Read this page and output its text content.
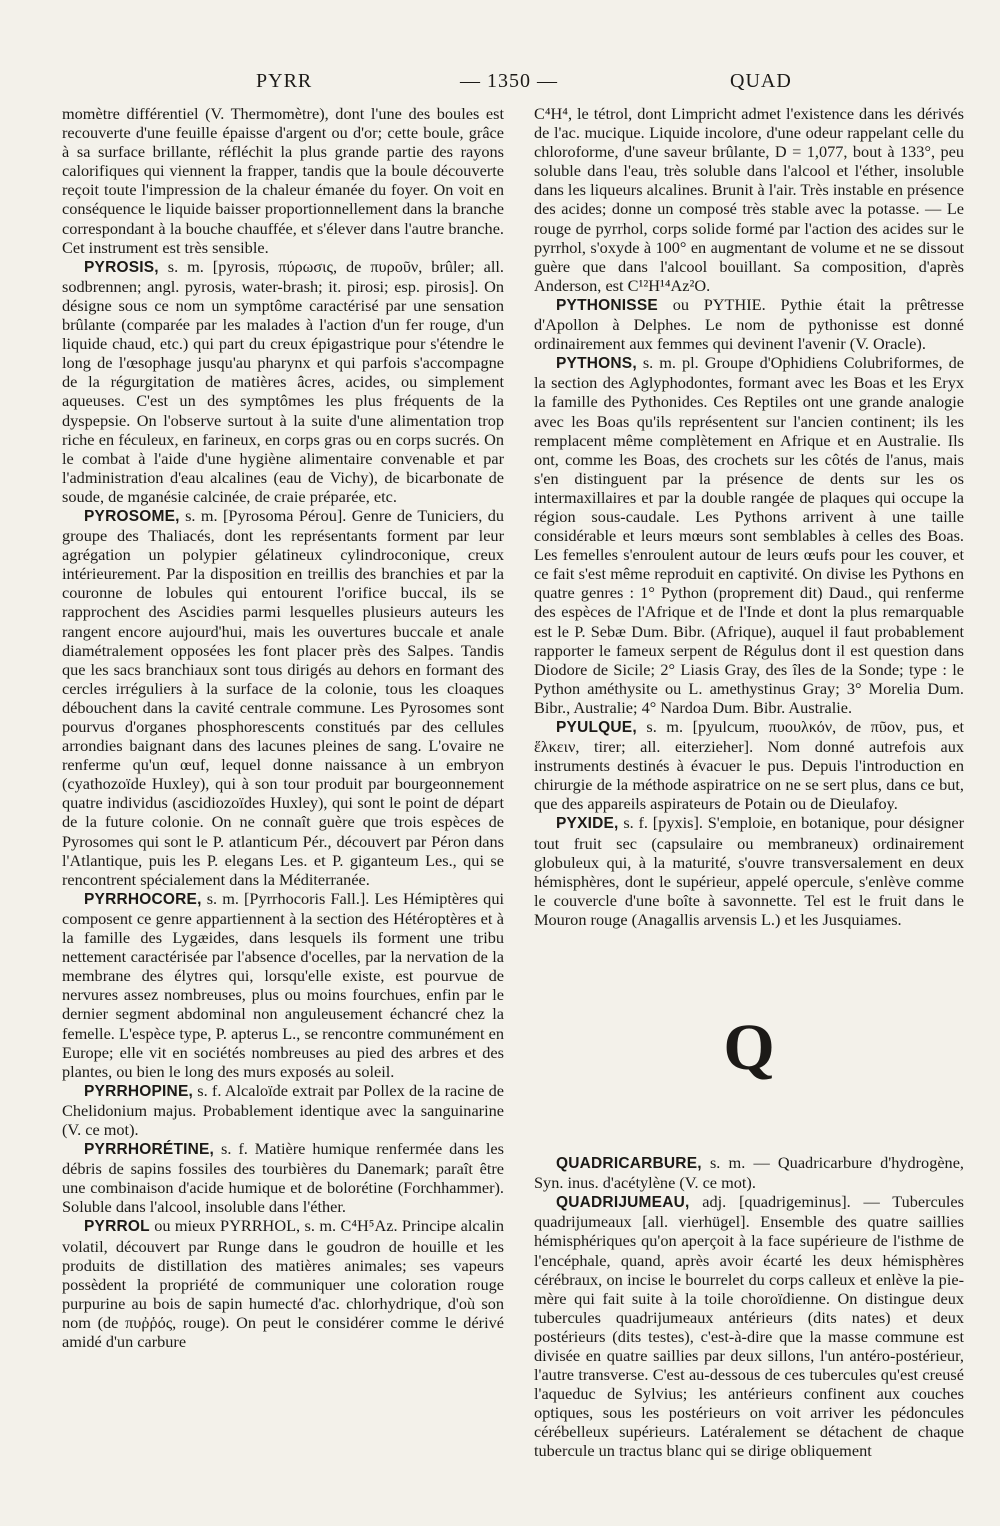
PYRR	— 1350 —	QUAD

momètre différentiel (V. Thermomètre), dont l'une des boules est recouverte d'une feuille épaisse d'argent ou d'or; cette boule, grâce à sa surface brillante, réfléchit la plus grande partie des rayons calorifiques qui viennent la frapper, tandis que la boule découverte reçoit toute l'impression de la chaleur émanée du foyer. On voit en conséquence le liquide baisser proportionnellement dans la branche correspondant à la bouche chauffée, et s'élever dans l'autre branche. Cet instrument est très sensible.

PYROSIS, s. m. [pyrosis, πύρωσις, de πυροῦν, brûler; all. sodbrennen; angl. pyrosis, water-brash; it. pirosi; esp. pirosis]. On désigne sous ce nom un symptôme caractérisé par une sensation brûlante (comparée par les malades à l'action d'un fer rouge, d'un liquide chaud, etc.) qui part du creux épigastrique pour s'étendre le long de l'œsophage jusqu'au pharynx et qui parfois s'accompagne de la régurgitation de matières âcres, acides, ou simplement aqueuses. C'est un des symptômes les plus fréquents de la dyspepsie. On l'observe surtout à la suite d'une alimentation trop riche en féculeux, en farineux, en corps gras ou en corps sucrés. On le combat à l'aide d'une hygiène alimentaire convenable et par l'administration d'eau alcalines (eau de Vichy), de bicarbonate de soude, de mganésie calcinée, de craie préparée, etc.

PYROSOME, s. m. [Pyrosoma Pérou]. Genre de Tuniciers, du groupe des Thaliacés, dont les représentants forment par leur agrégation un polypier gélatineux cylindroconique, creux intérieurement. Par la disposition en treillis des branchies et par la couronne de lobules qui entourent l'orifice buccal, ils se rapprochent des Ascidies parmi lesquelles plusieurs auteurs les rangent encore aujourd'hui, mais les ouvertures buccale et anale diamétralement opposées les font placer près des Salpes. Tandis que les sacs branchiaux sont tous dirigés au dehors en formant des cercles irréguliers à la surface de la colonie, tous les cloaques débouchent dans la cavité centrale commune. Les Pyrosomes sont pourvus d'organes phosphorescents constitués par des cellules arrondies baignant dans des lacunes pleines de sang. L'ovaire ne renferme qu'un œuf, lequel donne naissance à un embryon (cyathozoïde Huxley), qui à son tour produit par bourgeonnement quatre individus (ascidiozoïdes Huxley), qui sont le point de départ de la future colonie. On ne connaît guère que trois espèces de Pyrosomes qui sont le P. atlanticum Pér., découvert par Péron dans l'Atlantique, puis les P. elegans Les. et P. giganteum Les., qui se rencontrent spécialement dans la Méditerranée.

PYRRHOCORE, s. m. [Pyrrhocoris Fall.]. Les Hémiptères qui composent ce genre appartiennent à la section des Hétéroptères et à la famille des Lygæides, dans lesquels ils forment une tribu nettement caractérisée par l'absence d'ocelles, par la nervation de la membrane des élytres qui, lorsqu'elle existe, est pourvue de nervures assez nombreuses, plus ou moins fourchues, enfin par le dernier segment abdominal non anguleusement échancré chez la femelle. L'espèce type, P. apterus L., se rencontre communément en Europe; elle vit en sociétés nombreuses au pied des arbres et des plantes, ou bien le long des murs exposés au soleil.

PYRRHOPINE, s. f. Alcaloïde extrait par Pollex de la racine de Chelidonium majus. Probablement identique avec la sanguinarine (V. ce mot).

PYRRHORÉTINE, s. f. Matière humique renfermée dans les débris de sapins fossiles des tourbières du Danemark; paraît être une combinaison d'acide humique et de bolorétine (Forchhammer). Soluble dans l'alcool, insoluble dans l'éther.

PYRROL ou mieux PYRRHOL, s. m. C⁴H⁵Az. Principe alcalin volatil, découvert par Runge dans le goudron de houille et les produits de distillation des matières animales; ses vapeurs possèdent la propriété de communiquer une coloration rouge purpurine au bois de sapin humecté d'ac. chlorhydrique, d'où son nom (de πυῤῥός, rouge). On peut le considérer comme le dérivé amidé d'un carbure

C⁴H⁴, le tétrol, dont Limpricht admet l'existence dans les dérivés de l'ac. mucique. Liquide incolore, d'une odeur rappelant celle du chloroforme, d'une saveur brûlante, D = 1,077, bout à 133°, peu soluble dans l'eau, très soluble dans l'alcool et l'éther, insoluble dans les liqueurs alcalines. Brunit à l'air. Très instable en présence des acides; donne un composé très stable avec la potasse. — Le rouge de pyrrhol, corps solide formé par l'action des acides sur le pyrrhol, s'oxyde à 100° en augmentant de volume et ne se dissout guère que dans l'alcool bouillant. Sa composition, d'après Anderson, est C¹²H¹⁴Az²O.

PYTHONISSE ou PYTHIE. Pythie était la prêtresse d'Apollon à Delphes. Le nom de pythonisse est donné ordinairement aux femmes qui devinent l'avenir (V. Oracle).

PYTHONS, s. m. pl. Groupe d'Ophidiens Colubriformes, de la section des Aglyphodontes, formant avec les Boas et les Eryx la famille des Pythonides. Ces Reptiles ont une grande analogie avec les Boas qu'ils représentent sur l'ancien continent; ils les remplacent même complètement en Afrique et en Australie. Ils ont, comme les Boas, des crochets sur les côtés de l'anus, mais s'en distinguent par la présence de dents sur les os intermaxillaires et par la double rangée de plaques qui occupe la région sous-caudale. Les Pythons arrivent à une taille considérable et leurs mœurs sont semblables à celles des Boas. Les femelles s'enroulent autour de leurs œufs pour les couver, et ce fait s'est même reproduit en captivité. On divise les Pythons en quatre genres : 1° Python (proprement dit) Daud., qui renferme des espèces de l'Afrique et de l'Inde et dont la plus remarquable est le P. Sebæ Dum. Bibr. (Afrique), auquel il faut probablement rapporter le fameux serpent de Régulus dont il est question dans Diodore de Sicile; 2° Liasis Gray, des îles de la Sonde; type : le Python améthysite ou L. amethystinus Gray; 3° Morelia Dum. Bibr., Australie; 4° Nardoa Dum. Bibr. Australie.

PYULQUE, s. m. [pyulcum, πυουλκόν, de πῦον, pus, et ἕλκειν, tirer; all. eiterzieher]. Nom donné autrefois aux instruments destinés à évacuer le pus. Depuis l'introduction en chirurgie de la méthode aspiratrice on ne se sert plus, dans ce but, que des appareils aspirateurs de Potain ou de Dieulafoy.

PYXIDE, s. f. [pyxis]. S'emploie, en botanique, pour désigner tout fruit sec (capsulaire ou membraneux) ordinairement globuleux qui, à la maturité, s'ouvre transversalement en deux hémisphères, dont le supérieur, appelé opercule, s'enlève comme le couvercle d'une boîte à savonnette. Tel est le fruit dans le Mouron rouge (Anagallis arvensis L.) et les Jusquiames.

Q

QUADRICARBURE, s. m. — Quadricarbure d'hydrogène, Syn. inus. d'acétylène (V. ce mot).

QUADRIJUMEAU, adj. [quadrigeminus]. — Tubercules quadrijumeaux [all. vierhügel]. Ensemble des quatre saillies hémisphériques qu'on aperçoit à la face supérieure de l'isthme de l'encéphale, quand, après avoir écarté les deux hémisphères cérébraux, on incise le bourrelet du corps calleux et enlève la pie-mère qui fait suite à la toile choroïdienne. On distingue deux tubercules quadrijumeaux antérieurs (dits nates) et deux postérieurs (dits testes), c'est-à-dire que la masse commune est divisée en quatre saillies par deux sillons, l'un antéro-postérieur, l'autre transverse. C'est au-dessous de ces tubercules qu'est creusé l'aqueduc de Sylvius; les antérieurs confinent aux couches optiques, sous les postérieurs on voit arriver les pédoncules cérébelleux supérieurs. Latéralement se détachent de chaque tubercule un tractus blanc qui se dirige obliquement
